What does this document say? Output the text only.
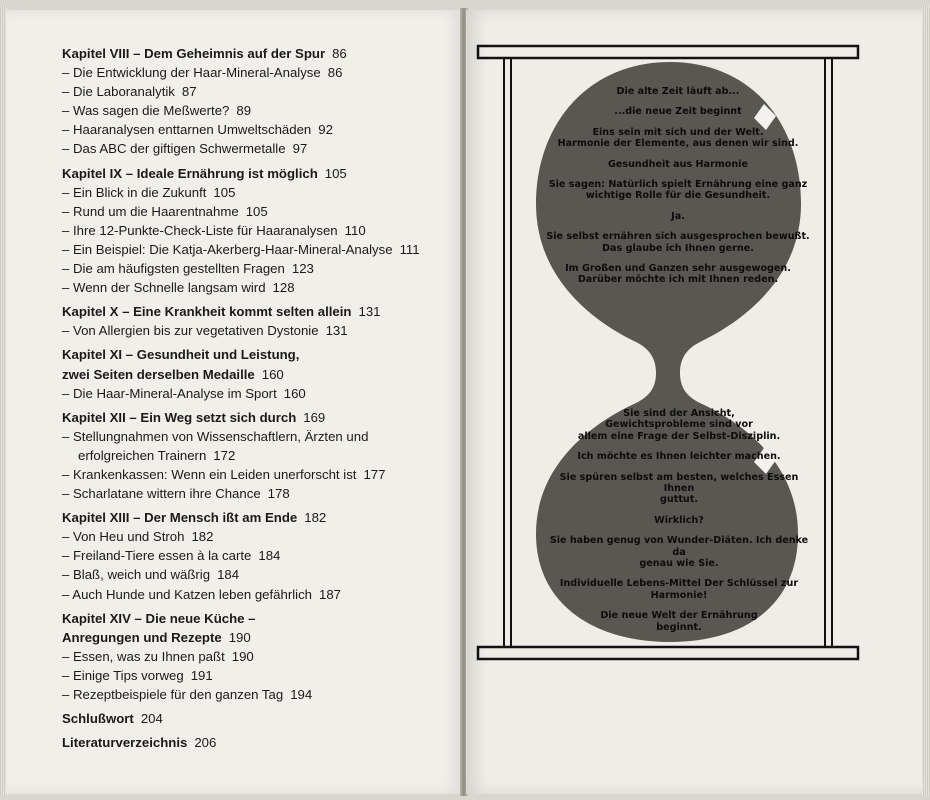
Kapitel VIII – Dem Geheimnis auf der Spur 86
– Die Entwicklung der Haar-Mineral-Analyse 86
– Die Laboranalytik 87
– Was sagen die Meßwerte? 89
– Haaranalysen enttarnen Umweltschäden 92
– Das ABC der giftigen Schwermetalle 97
Kapitel IX – Ideale Ernährung ist möglich 105
– Ein Blick in die Zukunft 105
– Rund um die Haarentnahme 105
– Ihre 12-Punkte-Check-Liste für Haaranalysen 110
– Ein Beispiel: Die Katja-Akerberg-Haar-Mineral-Analyse 111
– Die am häufigsten gestellten Fragen 123
– Wenn der Schnelle langsam wird 128
Kapitel X – Eine Krankheit kommt selten allein 131
– Von Allergien bis zur vegetativen Dystonie 131
Kapitel XI – Gesundheit und Leistung,
zwei Seiten derselben Medaille 160
– Die Haar-Mineral-Analyse im Sport 160
Kapitel XII – Ein Weg setzt sich durch 169
– Stellungnahmen von Wissenschaftlern, Ärzten und
erfolgreichen Trainern 172
– Krankenkassen: Wenn ein Leiden unerforscht ist 177
– Scharlatane wittern ihre Chance 178
Kapitel XIII – Der Mensch ißt am Ende 182
– Von Heu und Stroh 182
– Freiland-Tiere essen à la carte 184
– Blaß, weich und wäßrig 184
– Auch Hunde und Katzen leben gefährlich 187
Kapitel XIV – Die neue Küche –
Anregungen und Rezepte 190
– Essen, was zu Ihnen paßt 190
– Einige Tips vorweg 191
– Rezeptbeispiele für den ganzen Tag 194
Schlußwort 204
Literaturverzeichnis 206
Die alte Zeit läuft ab...
...die neue Zeit beginnt
Eins sein mit sich und der Welt.
Harmonie der Elemente, aus denen wir sind.
Gesundheit aus Harmonie
Sie sagen: Natürlich spielt Ernährung eine ganz
wichtige Rolle für die Gesundheit.
Ja.
Sie selbst ernähren sich ausgesprochen bewußt.
Das glaube ich Ihnen gerne.
Im Großen und Ganzen sehr ausgewogen.
Darüber möchte ich mit Ihnen reden.
Sie sind der Ansicht,
Gewichtsprobleme sind vor
allem eine Frage der Selbst-Disziplin.
Ich möchte es Ihnen leichter machen.
Sie spüren selbst am besten, welches Essen Ihnen
guttut.
Wirklich?
Sie haben genug von Wunder-Diäten. Ich denke da
genau wie Sie.
Individuelle Lebens-Mittel Der Schlüssel zur
Harmonie!
Die neue Welt der Ernährung
beginnt.
